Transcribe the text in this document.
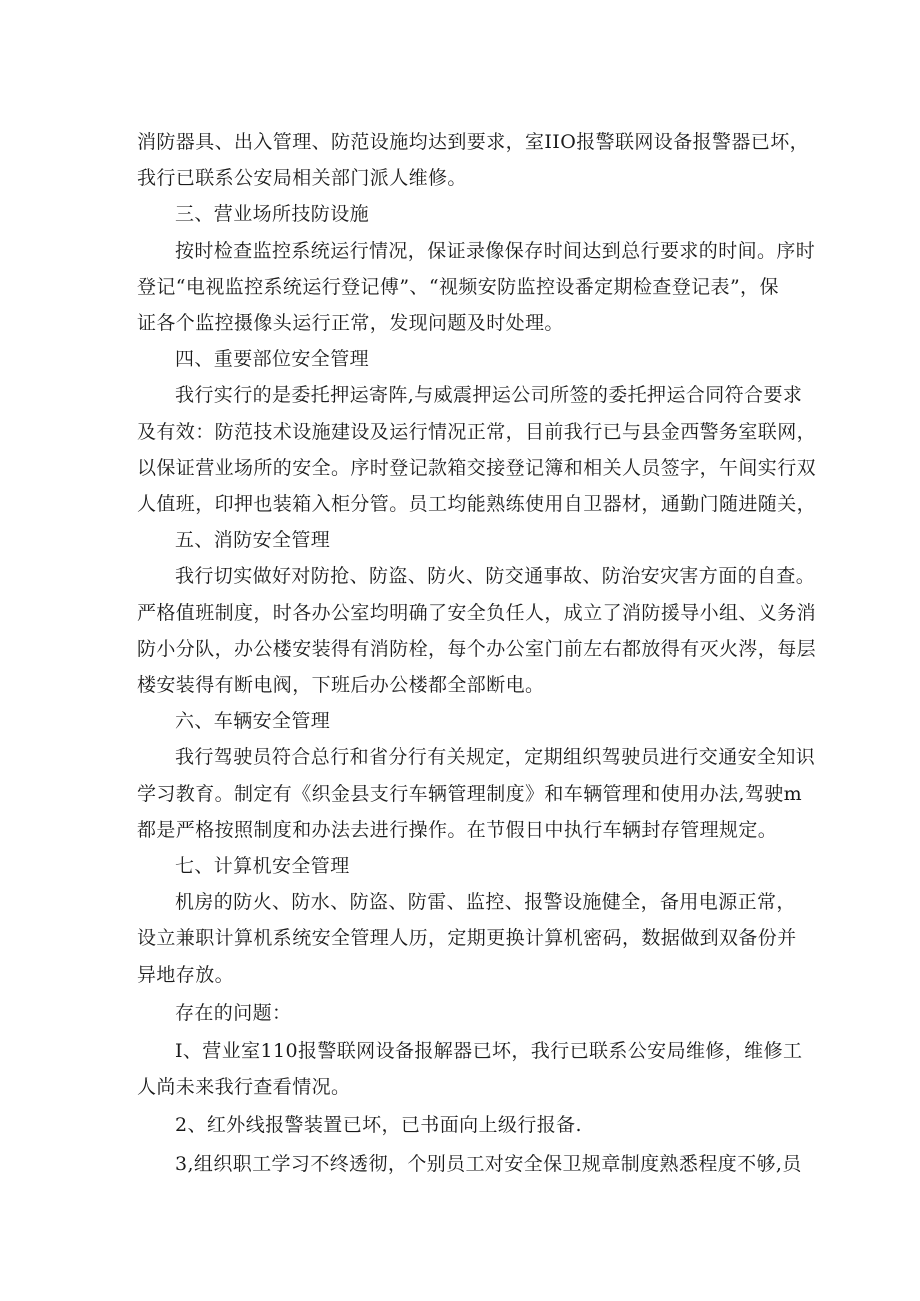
消防器具、出入管理、防范设施均达到要求，室IIO报警联网设备报警器已坏，
我行已联系公安局相关部门派人维修。

三、营业场所技防设施

按时检查监控系统运行情况，保证录像保存时间达到总行要求的时间。序时
登记“电视监控系统运行登记傅”、“视频安防监控设番定期检查登记表”，保
证各个监控摄像头运行正常，发现问题及时处理。

四、重要部位安全管理

我行实行的是委托押运寄阵,与威震押运公司所签的委托押运合同符合要求
及有效：防范技术设施建设及运行情况正常，目前我行已与县金西警务室联网，
以保证营业场所的安全。序时登记款箱交接登记簿和相关人员签字，午间实行双
人值班，印押也装箱入柜分管。员工均能熟练使用自卫器材，通勤门随进随关，

五、消防安全管理

我行切实做好对防抢、防盗、防火、防交通事故、防治安灾害方面的自查。
严格值班制度，时各办公室均明确了安全负任人，成立了消防援导小组、义务消
防小分队，办公楼安装得有消防栓，每个办公室门前左右都放得有灭火涔，每层
楼安装得有断电阀，下班后办公楼都全部断电。

六、车辆安全管理

我行驾驶员符合总行和省分行有关规定，定期组织驾驶员进行交通安全知识
学习教育。制定有《织金县支行车辆管理制度》和车辆管理和使用办法,驾驶m
都是严格按照制度和办法去进行操作。在节假日中执行车辆封存管理规定。

七、计算机安全管理

机房的防火、防水、防盗、防雷、监控、报警设施健全，备用电源正常，
设立兼职计算机系统安全管理人历，定期更换计算机密码，数据做到双备份并
异地存放。

存在的问题：

I、营业室110报警联网设备报解器已坏，我行已联系公安局维修，维修工
人尚未来我行查看情况。

2、红外线报警装置已坏，已书面向上级行报备.

3,组织职工学习不终透彻，个别员工对安全保卫规章制度熟悉程度不够,员
